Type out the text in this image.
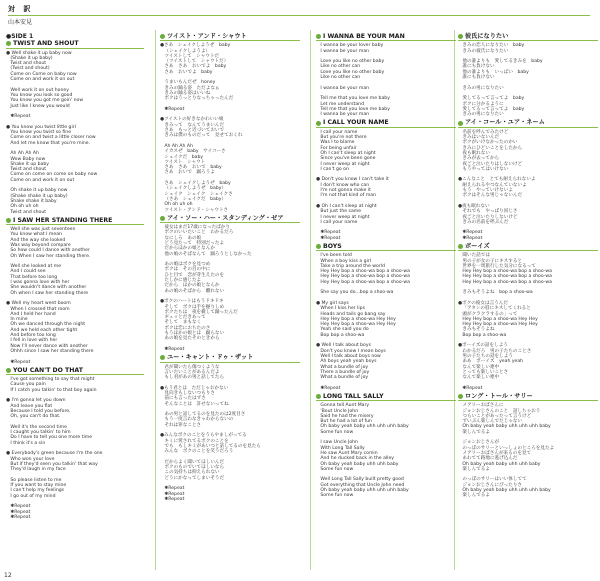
対 訳
山本安見
●SIDE 1
TWIST AND SHOUT
● Well shake it up baby now
(Shake it up baby)
Twist and shout
(Twist and shout)
Come on Come on baby now
Come on and work it on out

Well work it on out honey
You know you look so good
You know you got me goin' now
Just like I knew you would

✱Repeat

● You know you twist little girl
You know you twist so fine
Come on and twist a little closer now
And let me know that you're mine.

Ah Ah Ah Ah
Wow Baby now
Shake it up baby
Twist and shout
Come on come on come on baby now
Come on and work it on out

Oh shake it up baby now
(Shake shake it up baby)
Shake shake it baby
Oh oh uh oh
Twist and shout
I SAW HER STANDING THERE
Well she was just seventeen
You know what I mean
And the way she looked
Was way beyond compare
So how could I dance with another
Oh When I saw her standing there.

Well she looked at me
And I could see
That before too long
I was gonna love with her
She wouldn't dance with another
Oh when I saw her standing there

● Well my heart went boom
When I crossed that room
And I held her hand
In mine
Oh we danced through the night
And we held each other tight
And before too long
I fell in love with her
Now I'll never dance with another
Ohhh since I saw her standing there

✱Repeat
YOU CAN'T DO THAT
I've got something to say that might
Cause you pain
If I catch you talkin' to that boy again

● I'm gonna let you down
And leave you flat
Because I told you before,
Oh, you can't do that.

Well it's the second time
I caught you talkin' to him
Do I have to tell you one more time
I think it's a sin

● Everybody's green because I'm the one
Who won your love
But if they'd seen you talkin' that way
They'd laugh in my face

So please listen to me
If you want to stay mine
I can't help my feelings
I go out of my mind

✱Repeat
✱Repeat
✱Repeat
ツイスト・アンド・シャウト
●さあ　シェイクしようぜ　baby
（シェイクしようよ）
ツイストして　シャウトだ
（ツイストして　シャウトだ）
さあ　さあ　おいでよ　baby
さあ　おいでよ　baby

うまいもんだぜ　honey
きみの踊る姿　ただよなぁ
きみの踊る姿はいいね
ボクはうっとりなっちゃったんだ

✱Repeat

●ツイストの好きなかわいい娘
きみって　なんてうまいんだ
さあ　もっと近づいておいで
きみは僕のものだって　見せておくれ

Ah Ah Ah Ah
イカスぜ　baby　サイコーさ
シェイクだ　baby
ツイスト　シャウト
さあ　さあ　おいで　baby
さあ　おいで　踊ろうよ

さあ　シェイクしようぜ　baby
（シェイクしようぜ　baby）
シェイク　シェイク　シェイクさ
（さあ　シェイクだ　baby）
Oh oh uh oh
ツイスト・アンド・シャウトさ
アイ・ソー・ハー・スタンディング・ゼア
彼女はまだ17歳になったばかり
ボクのいいたいこと　わかるだろ
なにしろ　あの娘
どう見たって　特別だったよ
だからほかの娘となんか
他の娘のそばなんて　踊ろうとしなかった

あの娘はボクを見つめ
ボクは　その目の中に
ひと目で　恋が芽生えたのを
たしかに感じたよ
だから　ほかの娘となんか
あの娘のそばから　離れない

●ボクのハートはもうドキドキ
そして　ボクは手を握りしめ
ボクたちは　夜を徹して踊ったんだ
ギュッとだきあって
そして　まもなく
ボクは恋におちたのさ
もうほかの娘とは　踊らない
あの娘を見たそのときから

✱Repeat
ユー・キャント・ドゥ・ザット
君が聞いたら傷つくような
言いたいことがあるんだよ
もし君があの男と話してたら

●もう君とは　ただじゃおかない
見向きもしないつもりさ
前にも言ったはずさ
そんなことは　許せないってね

あの男と話してるのを見たのは2度目さ
もう一度言わなきゃわからないの
それは罪なことさ

●みんなボクのことをうらやましがってる
キミに愛されてるボクのことを
でも　もしキミがあいつと話してるのを見たら
みんな　ボクのことを笑うだろう

だからよく聞いてほしいんだ
ボクのものでいてほしいなら
この気持ちは抑えられない
どうにかなってしまいそうだ

✱Repeat
✱Repeat
✱Repeat
I WANNA BE YOUR MAN
I wanna be your lover baby
I wanna be your man

Love you like no other baby
Like no other can
Love you like no other baby
Like no other can

I wanna be your man

Tell me that you love me baby
Let me understand
Tell me that you love me baby
I wanna be your man
I CALL YOUR NAME
I call your name
But you're not there
Was I to blame
For being unfair
Oh I can't sleep at night
Since you've been gone
I never weep at night
I can't go on

● Don't you know I can't take it
I don't know who can
I'm not gonna make it
I'm not that kind of man

● Oh I can't sleep at night
But just the same
I never weep at night
I call your name

✱Repeat
✱Repeat
BOYS
I've been told
When a boy kiss a girl
Take a trip around the world
Hey Hey bop a shoo-wa bop a shoo-wa
Hey Hey bop a shoo-wa bop a shoo-wa
Hey Hey bop a shoo-wa bop a shoo-wa

She say you do...bop a shoo-wa

● My girl says
When I kiss her lips
Heads and tails go bang say
Hey Hey bop a shoo-wa Hey Hey
Hey Hey bop a shoo-wa Hey Hey
Yeah she said you do
Bop bop a shoo-wa

● Well I talk about boys
Don't you know I mean boys
Well I talk about boys now
Ah boys yeah yeah boys
What a bundle of joy
There a bundle of joy
What a bundle of joy

✱Repeat
LONG TALL SALLY
Gonna tell Aunt Mary
'Bout Uncle John
Said he had the misery
But he had a lot of fun
Oh baby yeah baby uhh uhh uhh baby
Some fun now

I saw Uncle John
With Long Tall Sally
He saw Aunt Mary comin
And he ducked back in the alley
Oh baby yeah baby uhh uhh baby
Some fun now

Well Long Tall Sally built pretty good
Got everything that Uncle John need
Oh baby yeah baby uhh uhh uhh baby
Some fun now
彼氏になりたい
きみの恋人になりたい　baby
きみの彼氏になりたい

他の誰よりも　愛してるきみを　baby
誰にも負けない
他の誰よりも　いっぱい　baby
誰にも負けない

きみの男になりたい

愛してるって言ってよ　baby
ボクに分かるように
愛してるって言ってよ　baby
きみの男になりたい
アイ・コール・ユア・ネーム
名前を呼んでみたけど
きみはいないんだ
ボクがいけなかったのかい
きみにひどいことをしたから
夜も眠れない
きみが去ってから
夜ごと泣いたりはしないけど
もうやってはいけない

●こんなこと　とても耐えられないよ
耐えられるやつなんていないよ
もう　やっていけないよ
ボクはそんな男じゃないんだ

●夜も眠れない
それでも　やっぱり同じさ
夜ごと泣いたりしないけど
きみの名前を呼ぶんだ

✱Repeat
✱Repeat
ボーイズ
聞いた話では
男の子が女の子にキスすると
世界を一周旅行した気分になるって
Hey Hey bop a shoo-wa bop a shoo-wa
Hey Hey bop a shoo-wa bop a shoo-wa
Hey Hey bop a shoo-wa bop a shoo-wa

きみもそうよね　bop a shoo-wa

●ボクの彼女は言うんだ
「アタシの唇にキスしてくれると
頭がクラクラするの」って
Hey Hey bop a shoo-wa Hey Hey
Hey Hey bop a shoo-wa Hey Hey
きみもそうよね
Bop bop a shoo-wa

●ボーイズの話をしよう
わかるだろ　男の子たちのことさ
男の子たちの話をしよう
ああ　ボーイズ　yeah yeah
なんて楽しい連中
とっても楽しいことさ
なんて楽しい連中

✱Repeat
ロング・トール・サリー
メアリーおばさんに
ジョンおじさんのこと　話しちゃおう
つらいことがあったって言うけど
ずいぶん楽しんでたじゃない
Oh baby yeah baby uhh uhh uhh baby
楽しんでるよ

ジョンおじさんが
のっぽのサリーといっしょのところを見たよ
メアリーおばさんが来るのを見て
あわてて路地に逃げ込んだ
Oh baby yeah baby uhh uhh baby
楽しんでるよ

のっぽのサリーはいい体してて
ジョンおじさんにぴったりさ
Oh baby yeah baby uhh uhh uhh baby
楽しんでるよ
12
